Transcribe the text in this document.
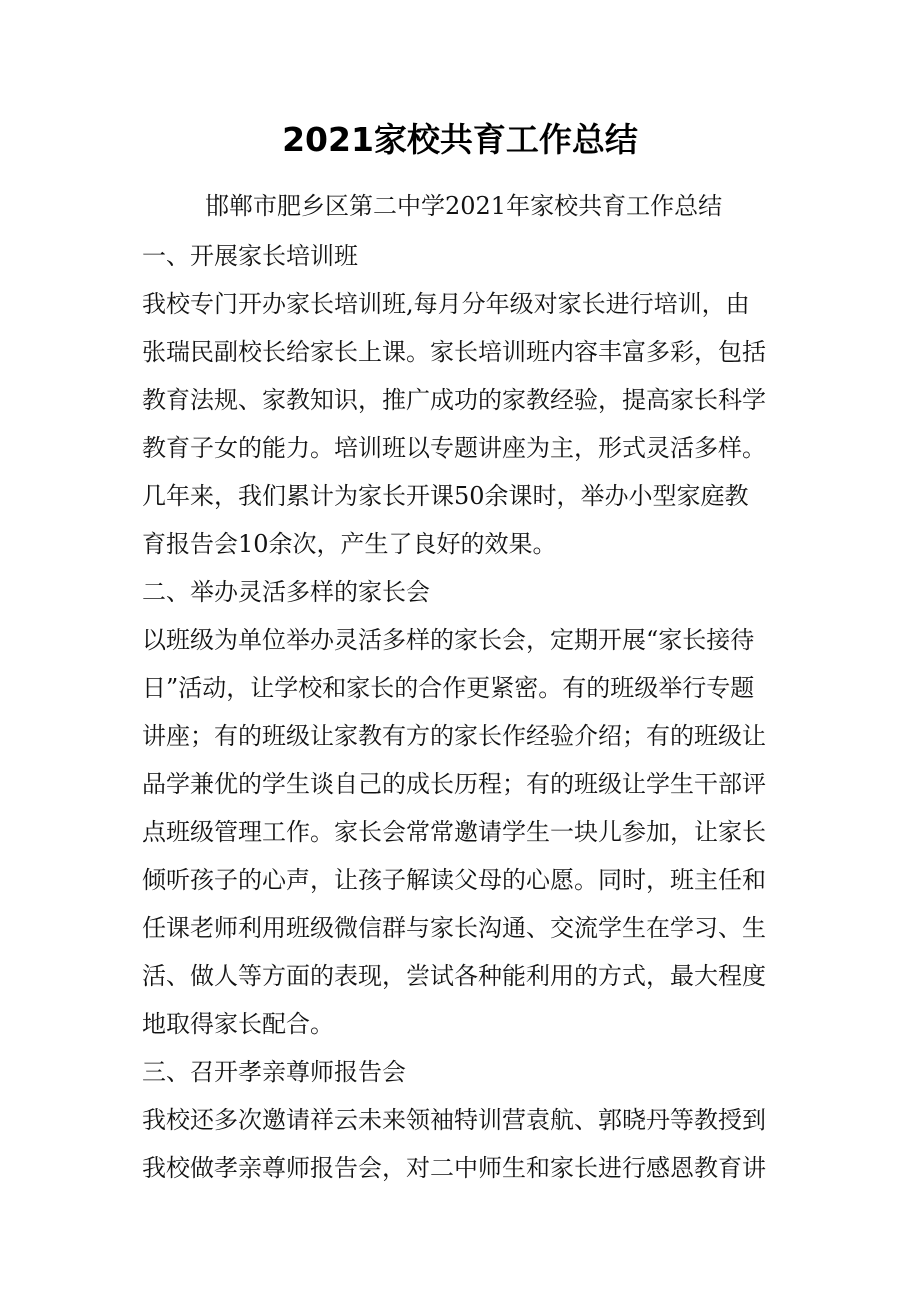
2021家校共育工作总结
邯郸市肥乡区第二中学2021年家校共育工作总结
一、开展家长培训班
我校专门开办家长培训班,每月分年级对家长进行培训，由
张瑞民副校长给家长上课。家长培训班内容丰富多彩，包括
教育法规、家教知识，推广成功的家教经验，提高家长科学
教育子女的能力。培训班以专题讲座为主，形式灵活多样。
几年来，我们累计为家长开课50余课时，举办小型家庭教
育报告会10余次，产生了良好的效果。
二、举办灵活多样的家长会
以班级为单位举办灵活多样的家长会，定期开展“家长接待
日”活动，让学校和家长的合作更紧密。有的班级举行专题
讲座；有的班级让家教有方的家长作经验介绍；有的班级让
品学兼优的学生谈自己的成长历程；有的班级让学生干部评
点班级管理工作。家长会常常邀请学生一块儿参加，让家长
倾听孩子的心声，让孩子解读父母的心愿。同时，班主任和
任课老师利用班级微信群与家长沟通、交流学生在学习、生
活、做人等方面的表现，尝试各种能利用的方式，最大程度
地取得家长配合。
三、召开孝亲尊师报告会
我校还多次邀请祥云未来领袖特训营袁航、郭晓丹等教授到
我校做孝亲尊师报告会，对二中师生和家长进行感恩教育讲
